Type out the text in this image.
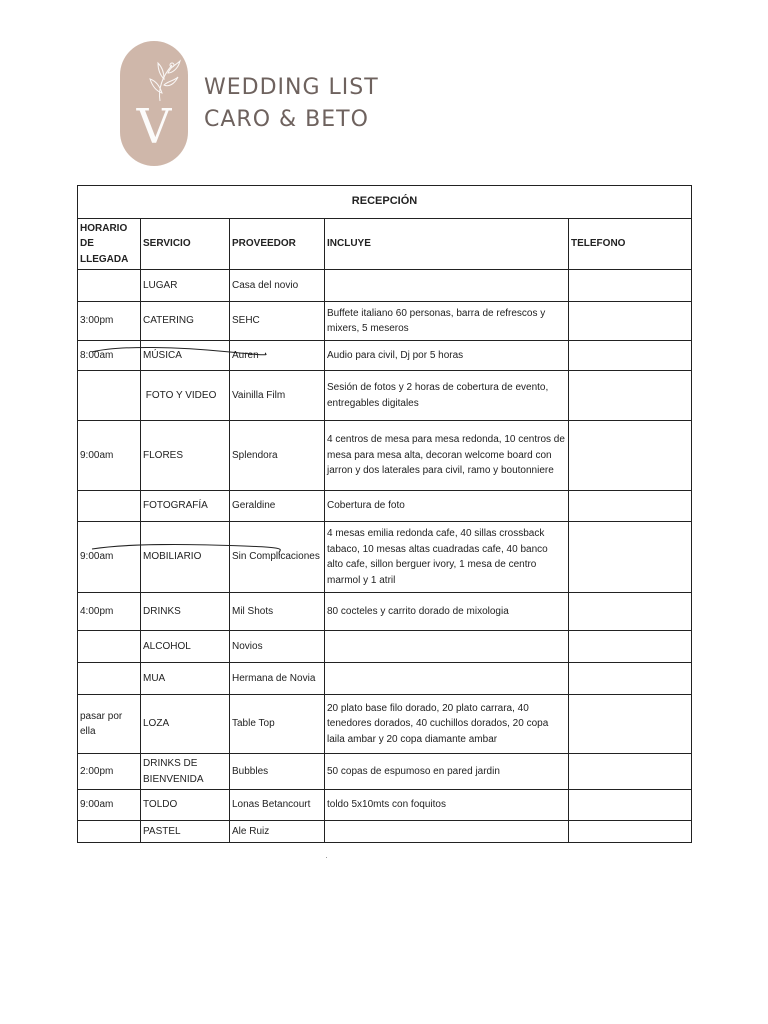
V
WEDDING LIST
CARO & BETO
RECEPCIÓN				
HORARIO DE LLEGADA	SERVICIO	PROVEEDOR	INCLUYE	TELEFONO
	LUGAR	Casa del novio		
3:00pm	CATERING	SEHC	Buffete italiano 60 personas, barra de refrescos y mixers, 5 meseros	
8:00am	MÚSICA	Auren	Audio para civil, Dj por 5 horas	
	FOTO Y VIDEO	Vainilla Film	Sesión de fotos y 2 horas de cobertura de evento, entregables digitales	
9:00am	FLORES	Splendora	4 centros de mesa para mesa redonda, 10 centros de mesa para mesa alta, decoran welcome board con jarron y dos laterales para civil, ramo y boutonniere	
	FOTOGRAFÍA	Geraldine	Cobertura de foto	
9:00am	MOBILIARIO	Sin Complicaciones	4 mesas emilia redonda cafe, 40 sillas crossback tabaco, 10 mesas altas cuadradas cafe, 40 banco alto cafe, sillon berguer ivory, 1 mesa de centro marmol y 1 atril	
4:00pm	DRINKS	Mil Shots	80 cocteles y carrito dorado de mixologia	
	ALCOHOL	Novios		
	MUA	Hermana de Novia		
pasar por ella	LOZA	Table Top	20 plato base filo dorado, 20 plato carrara, 40 tenedores dorados, 40 cuchillos dorados, 20 copa laila ambar y 20 copa diamante ambar	
2:00pm	DRINKS DE BIENVENIDA	Bubbles	50 copas de espumoso en pared jardin	
9:00am	TOLDO	Lonas Betancourt	toldo 5x10mts con foquitos	
	PASTEL	Ale Ruiz		
